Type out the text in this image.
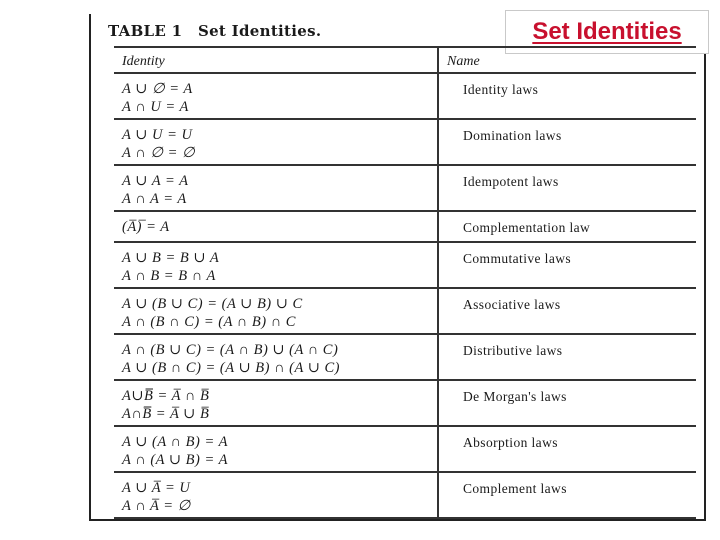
TABLE 1 Set Identities.	Set Identities
Identity	Name

A ∪ ∅ = A
A ∩ U = A	Identity laws

A ∪ U = U
A ∩ ∅ = ∅	Domination laws

A ∪ A = A
A ∩ A = A	Idempotent laws

(A̅)̅ = A	Complementation law

A ∪ B = B ∪ A
A ∩ B = B ∩ A	Commutative laws

A ∪ (B ∪ C) = (A ∪ B) ∪ C
A ∩ (B ∩ C) = (A ∩ B) ∩ C	Associative laws

A ∩ (B ∪ C) = (A ∩ B) ∪ (A ∩ C)
A ∪ (B ∩ C) = (A ∪ B) ∩ (A ∪ C)	Distributive laws

A∪B̅̅̅̅̅ = A̅ ∩ B̅
A∩B̅̅̅̅̅ = A̅ ∪ B̅	De Morgan's laws

A ∪ (A ∩ B) = A
A ∩ (A ∪ B) = A	Absorption laws

A ∪ A̅ = U
A ∩ A̅ = ∅	Complement laws
